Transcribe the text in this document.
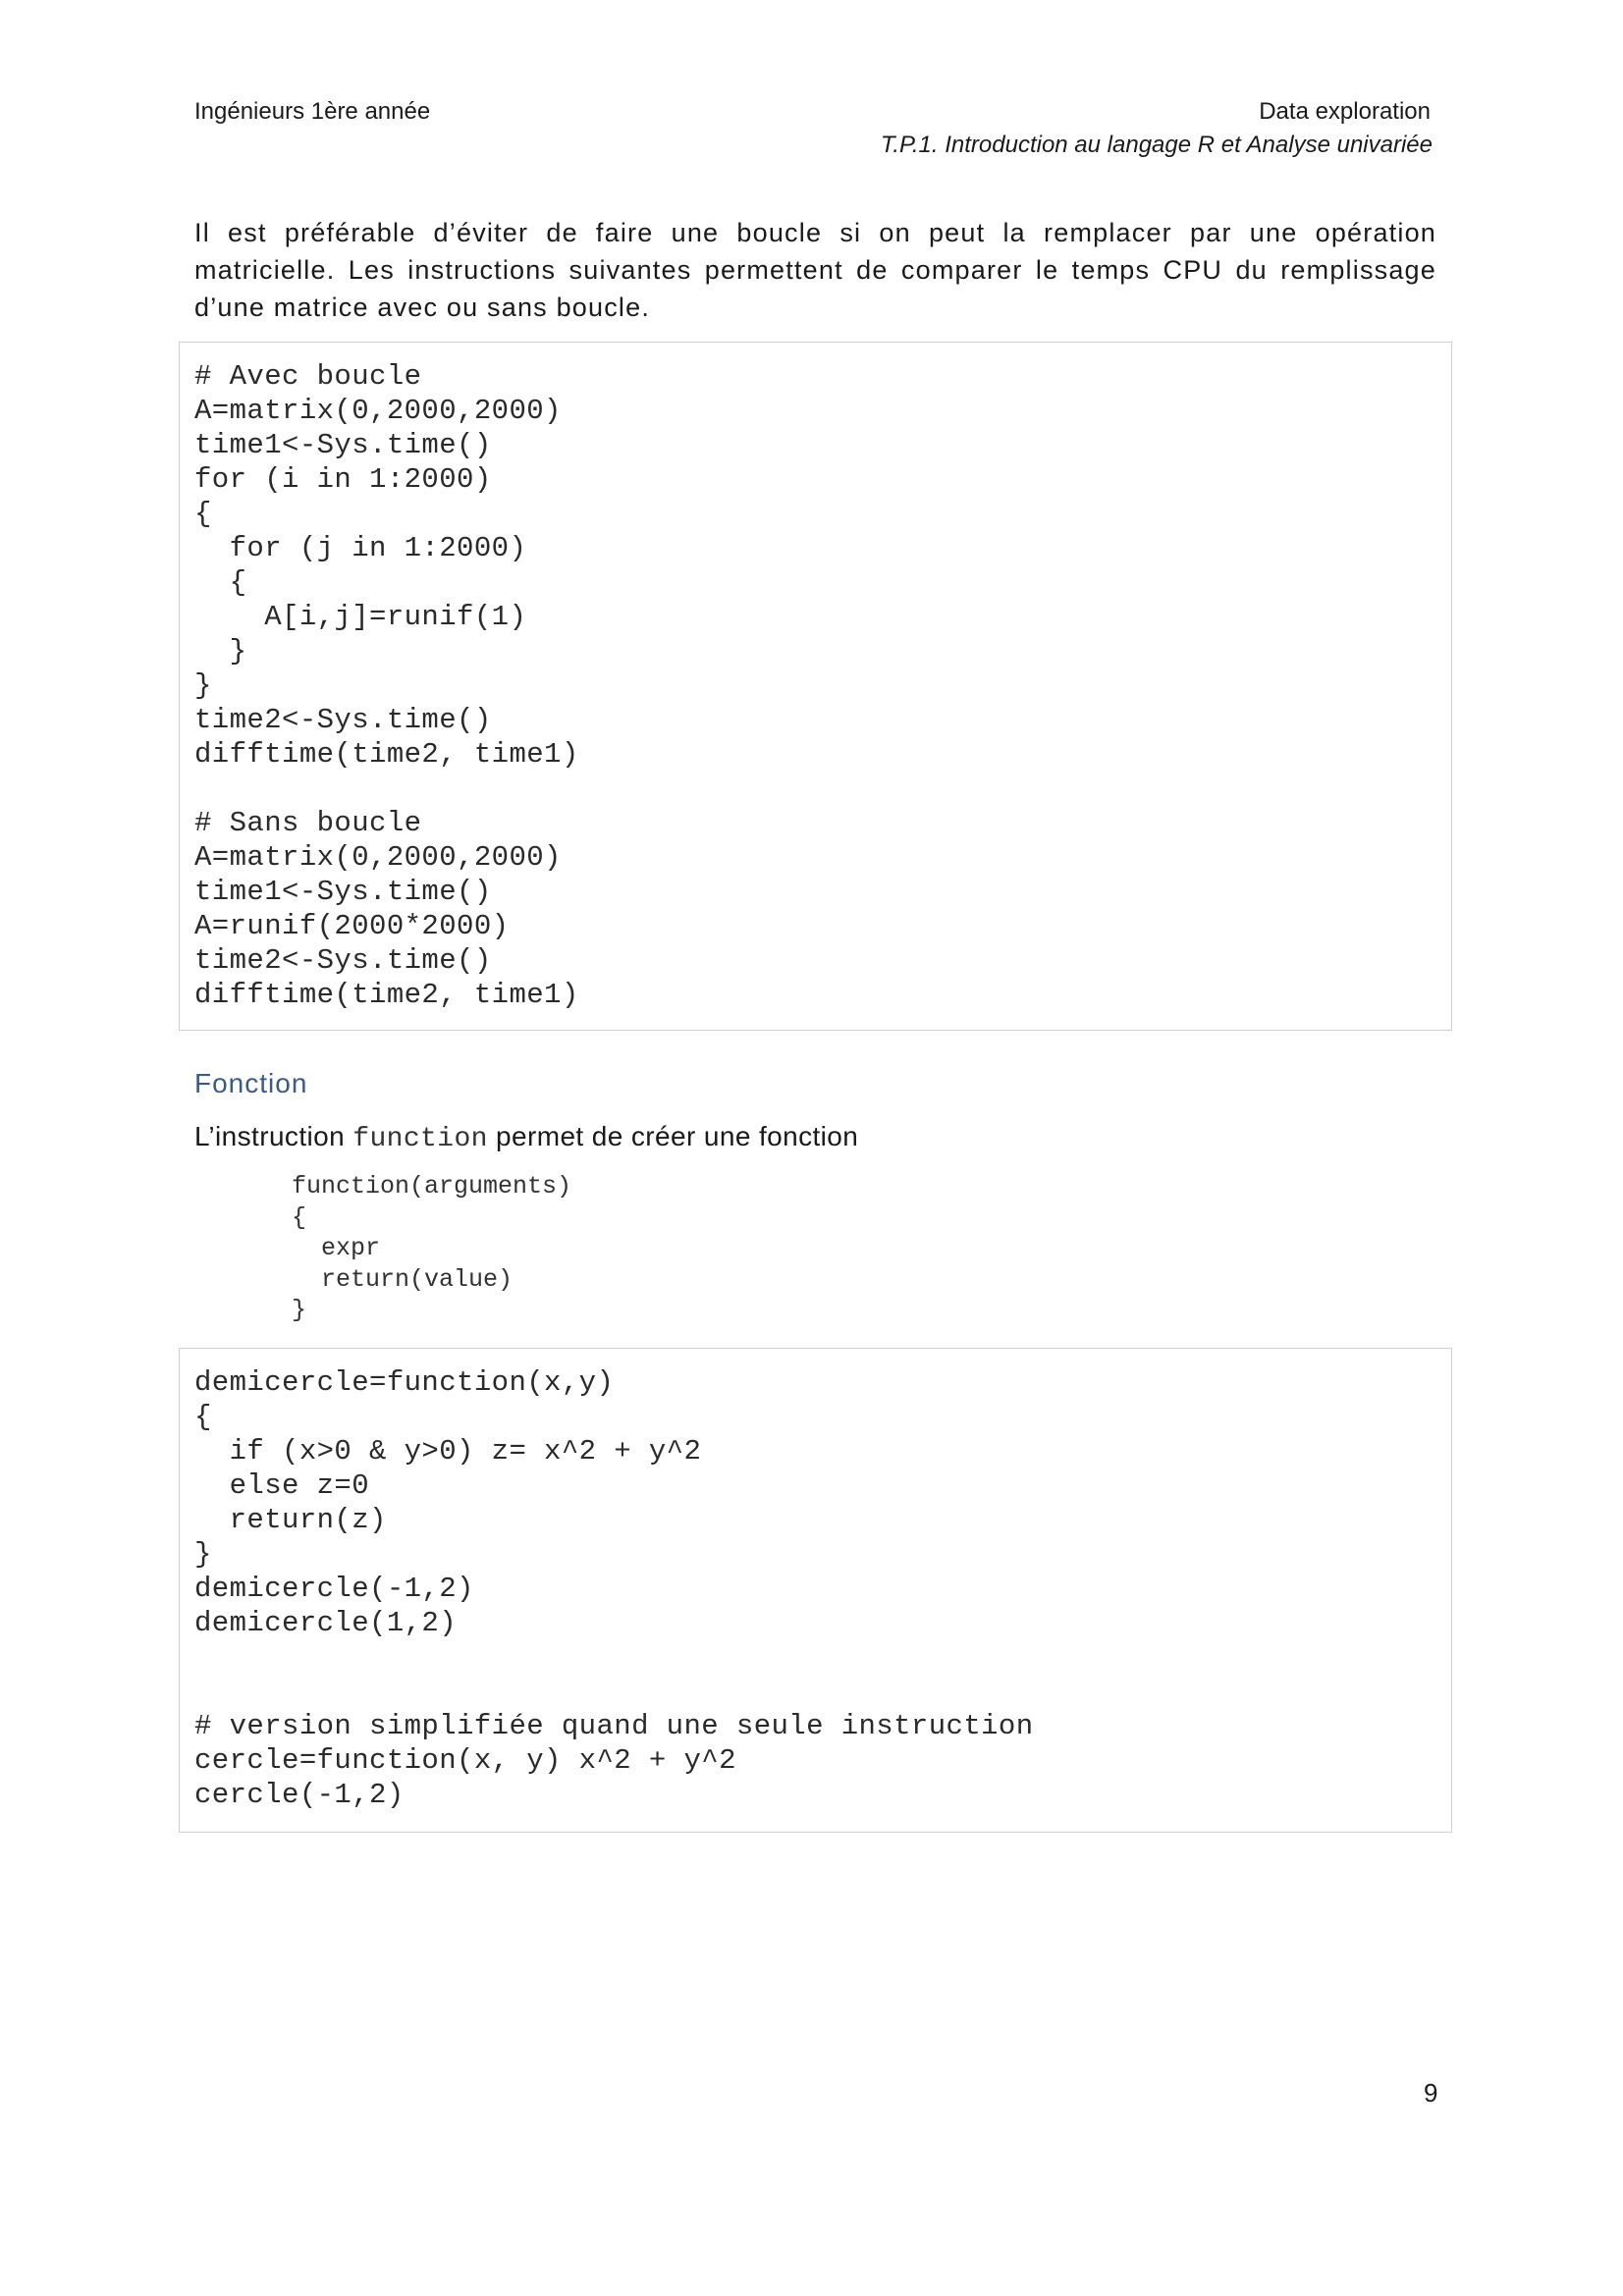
Ingénieurs 1ère année	Data exploration
T.P.1. Introduction au langage R et Analyse univariée
Il est préférable d’éviter de faire une boucle si on peut la remplacer par une opération matricielle. Les instructions suivantes permettent de comparer le temps CPU du remplissage d’une matrice avec ou sans boucle.
# Avec boucle
A=matrix(0,2000,2000)
time1<-Sys.time()
for (i in 1:2000)
{
for (j in 1:2000)
{
A[i,j]=runif(1)
}
}
time2<-Sys.time()
difftime(time2, time1)

# Sans boucle
A=matrix(0,2000,2000)
time1<-Sys.time()
A=runif(2000*2000)
time2<-Sys.time()
difftime(time2, time1)
Fonction
L’instruction function permet de créer une fonction
function(arguments)
{
expr
return(value)
}
demicercle=function(x,y)
{
if (x>0 & y>0) z= x^2 + y^2
else z=0
return(z)
}
demicercle(-1,2)
demicercle(1,2)

# version simplifiée quand une seule instruction
cercle=function(x, y) x^2 + y^2
cercle(-1,2)
9
